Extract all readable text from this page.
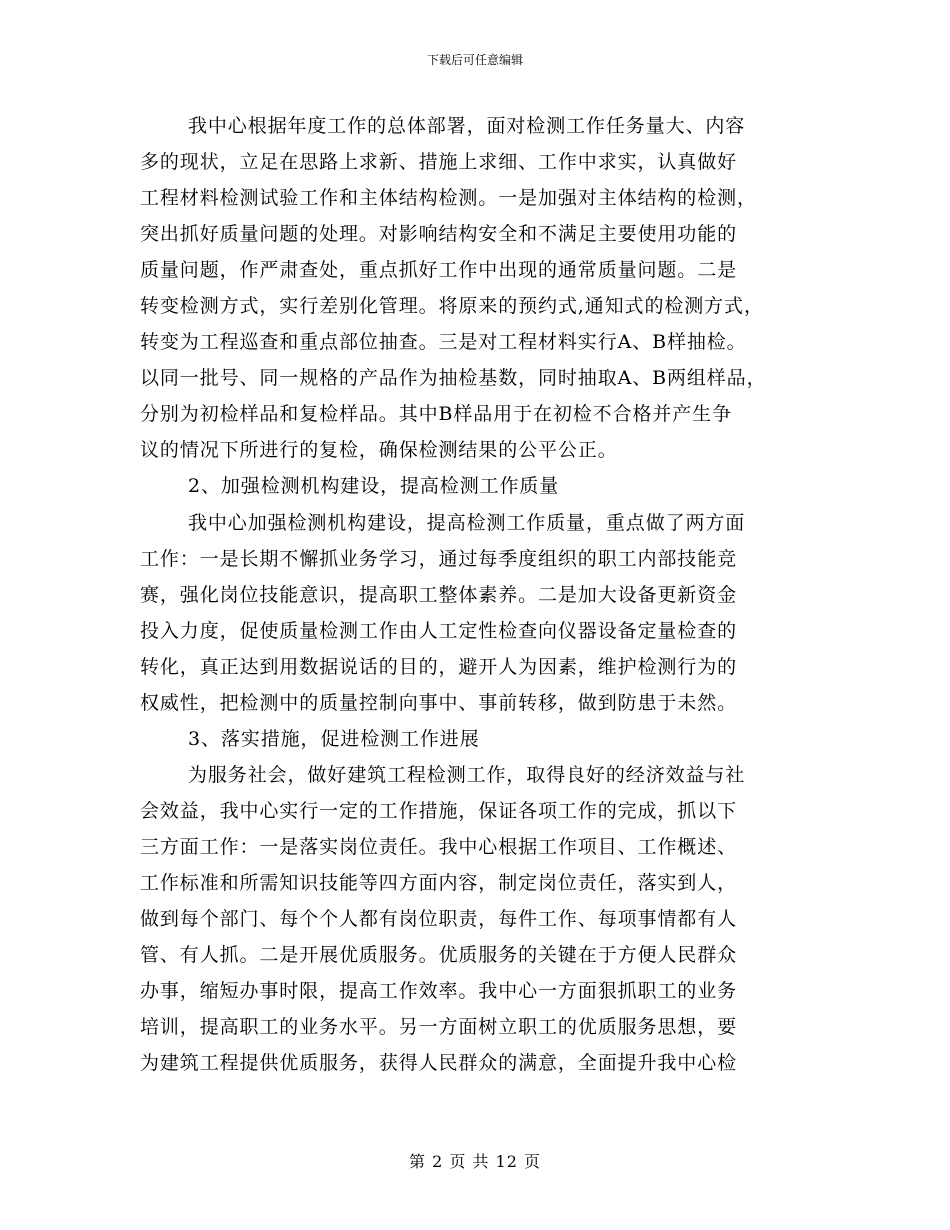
下载后可任意编辑
我中心根据年度工作的总体部署，面对检测工作任务量大、内容
多的现状，立足在思路上求新、措施上求细、工作中求实，认真做好
工程材料检测试验工作和主体结构检测。一是加强对主体结构的检测，
突出抓好质量问题的处理。对影响结构安全和不满足主要使用功能的
质量问题，作严肃查处，重点抓好工作中出现的通常质量问题。二是
转变检测方式，实行差别化管理。将原来的预约式,通知式的检测方式，
转变为工程巡查和重点部位抽查。三是对工程材料实行A、B样抽检。
以同一批号、同一规格的产品作为抽检基数，同时抽取A、B两组样品，
分别为初检样品和复检样品。其中B样品用于在初检不合格并产生争
议的情况下所进行的复检，确保检测结果的公平公正。
2、加强检测机构建设，提高检测工作质量
我中心加强检测机构建设，提高检测工作质量，重点做了两方面
工作：一是长期不懈抓业务学习，通过每季度组织的职工内部技能竞
赛，强化岗位技能意识，提高职工整体素养。二是加大设备更新资金
投入力度，促使质量检测工作由人工定性检查向仪器设备定量检查的
转化，真正达到用数据说话的目的，避开人为因素，维护检测行为的
权威性，把检测中的质量控制向事中、事前转移，做到防患于未然。
3、落实措施，促进检测工作进展
为服务社会，做好建筑工程检测工作，取得良好的经济效益与社
会效益，我中心实行一定的工作措施，保证各项工作的完成，抓以下
三方面工作：一是落实岗位责任。我中心根据工作项目、工作概述、
工作标准和所需知识技能等四方面内容，制定岗位责任，落实到人，
做到每个部门、每个个人都有岗位职责，每件工作、每项事情都有人
管、有人抓。二是开展优质服务。优质服务的关键在于方便人民群众
办事，缩短办事时限，提高工作效率。我中心一方面狠抓职工的业务
培训，提高职工的业务水平。另一方面树立职工的优质服务思想，要
为建筑工程提供优质服务，获得人民群众的满意，全面提升我中心检
第 2 页 共 12 页
